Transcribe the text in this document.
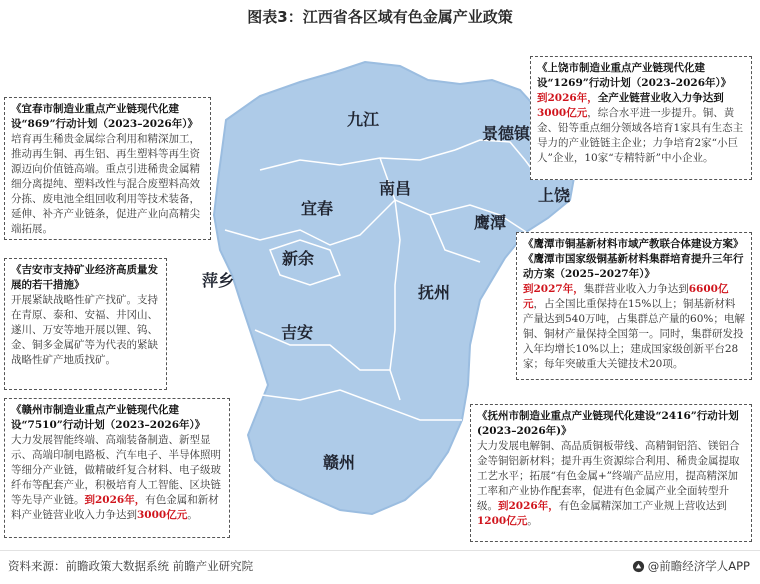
图表3：江西省各区域有色金属产业政策
九江
景德镇
南昌	上饶
宜春
鹰潭
新余
萍乡
抚州
吉安
赣州
《宜春市制造业重点产业链现代化建设“869”行动计划（2023–2026年）》
培育再生稀贵金属综合利用和精深加工，推动再生铜、再生铝、再生塑料等再生资源迈向价值链高端。重点引进稀贵金属精细分离提纯、塑料改性与混合废塑料高效分拣、废电池全组回收利用等技术装备，延伸、补齐产业链条，促进产业向高精尖端拓展。
《吉安市支持矿业经济高质量发展的若干措施》
开展紧缺战略性矿产找矿。支持在青原、泰和、安福、井冈山、遂川、万安等地开展以锂、钨、金、铜多金属矿等为代表的紧缺战略性矿产地质找矿。
《赣州市制造业重点产业链现代化建设“7510”行动计划（2023–2026年）》
大力发展智能终端、高端装备制造、新型显示、高端印制电路板、汽车电子、半导体照明等细分产业链，做精破纤复合材料、电子级玻纤布等配套产业，积极培育人工智能、区块链等先导产业链。到2026年，有色金属和新材料产业链营业收入力争达到3000亿元。
《上饶市制造业重点产业链现代化建设“1269”行动计划（2023–2026年）》
到2026年，全产业链营业收入力争达到3000亿元，综合水平进一步提升。铜、黄金、铅等重点细分领域各培育1家具有生态主导力的产业链链主企业；力争培育2家“小巨人”企业，10家“专精特新”中小企业。
《鹰潭市铜基新材料市域产教联合体建设方案》《鹰潭市国家级铜基新材料集群培育提升三年行动方案（2025–2027年）》
到2027年，集群营业收入力争达到6600亿元，占全国比重保持在15%以上；铜基新材料产量达到540万吨，占集群总产量的60%；电解铜、铜材产量保持全国第一。同时，集群研发投入年均增长10%以上；建成国家级创新平台28家；每年突破重大关键技术20项。
《抚州市制造业重点产业链现代化建设“2416”行动计划(2023–2026年)》
大力发展电解铜、高品质铜板带线、高精铜铝箔、镁铝合金等铜铝新材料；提升再生资源综合利用、稀贵金属提取工艺水平；拓展“有色金属+”终端产品应用，提高精深加工率和产业协作配套率，促进有色金属产业全面转型升级。到2026年，有色金属精深加工产业规上营收达到1200亿元。
资料来源：前瞻政策大数据系统 前瞻产业研究院	@前瞻经济学人APP
